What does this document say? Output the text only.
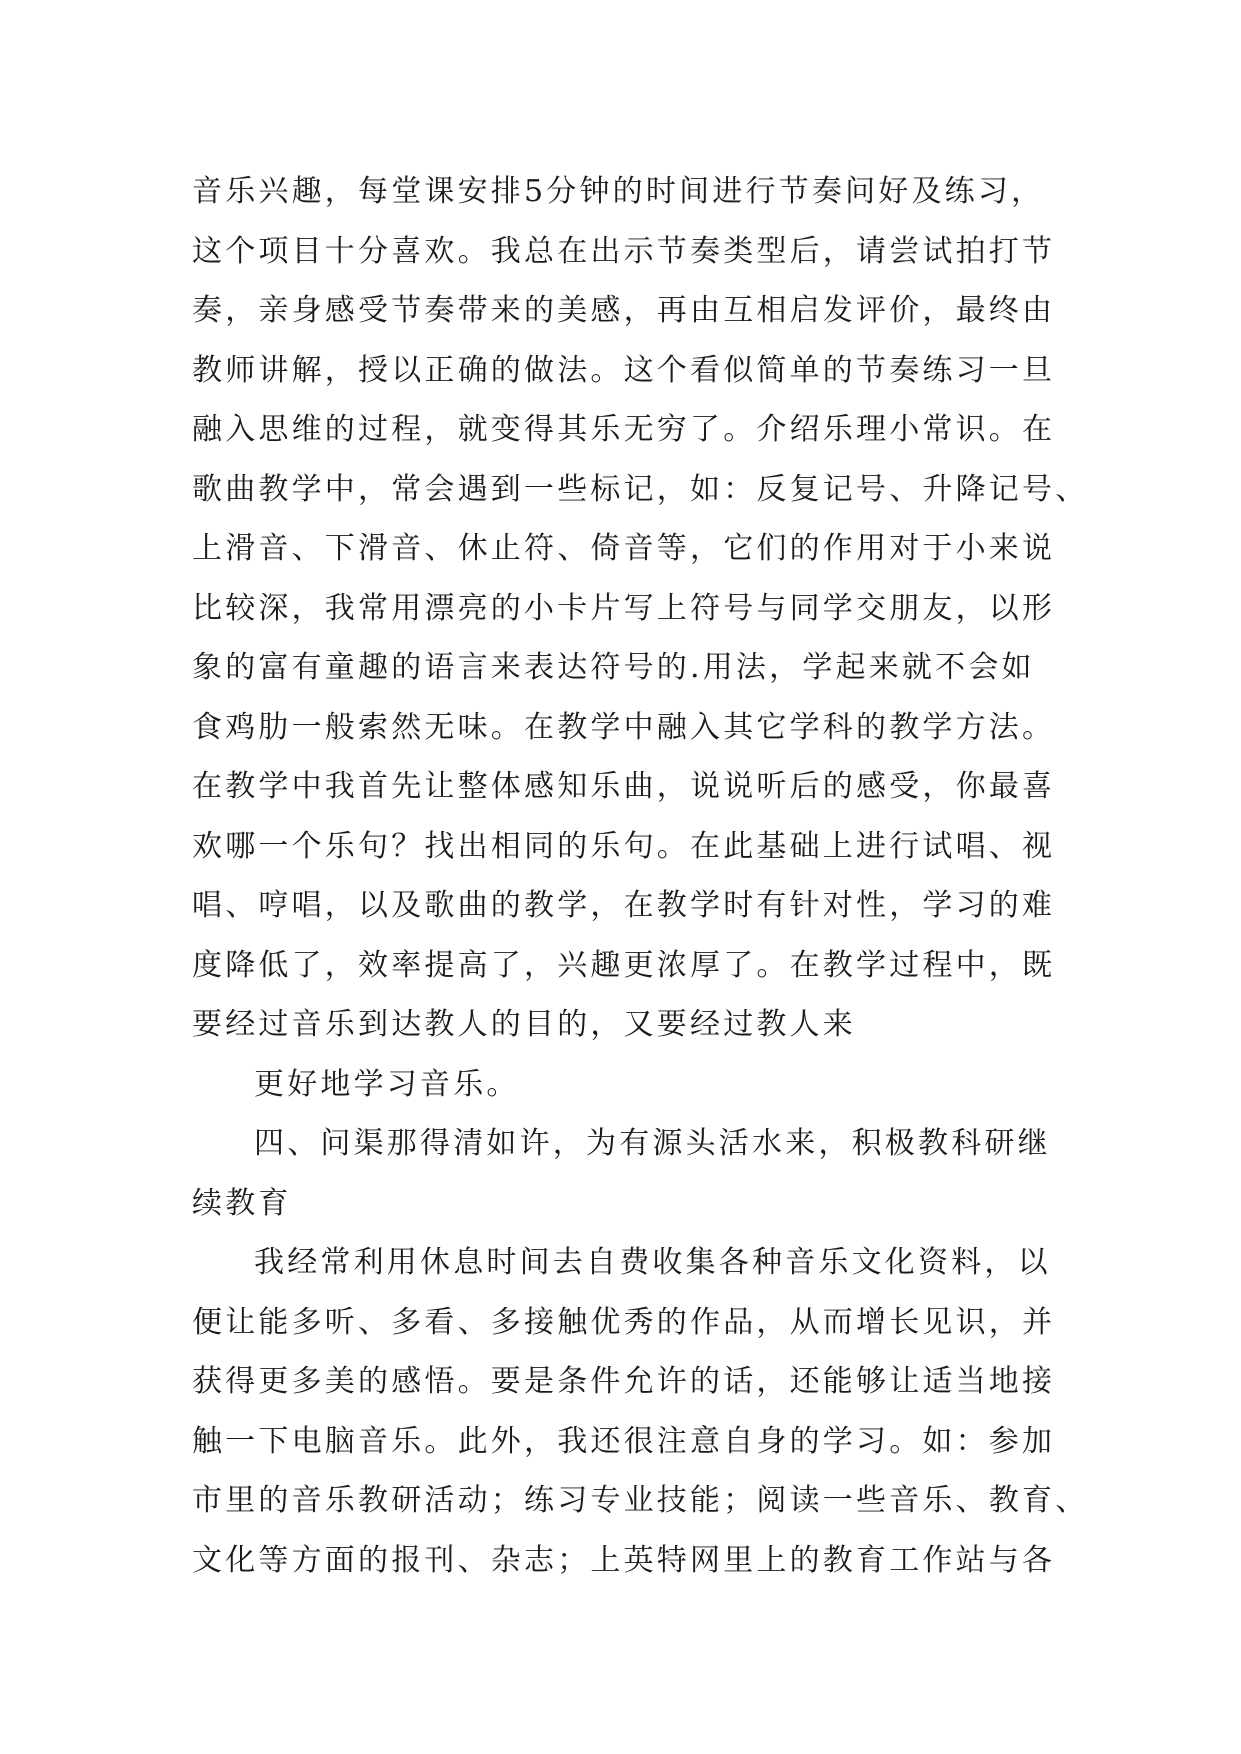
音乐兴趣，每堂课安排5分钟的时间进行节奏问好及练习，
这个项目十分喜欢。我总在出示节奏类型后，请尝试拍打节
奏，亲身感受节奏带来的美感，再由互相启发评价，最终由
教师讲解，授以正确的做法。这个看似简单的节奏练习一旦
融入思维的过程，就变得其乐无穷了。介绍乐理小常识。在
歌曲教学中，常会遇到一些标记，如：反复记号、升降记号、
上滑音、下滑音、休止符、倚音等，它们的作用对于小来说
比较深，我常用漂亮的小卡片写上符号与同学交朋友，以形
象的富有童趣的语言来表达符号的.用法，学起来就不会如
食鸡肋一般索然无味。在教学中融入其它学科的教学方法。
在教学中我首先让整体感知乐曲，说说听后的感受，你最喜
欢哪一个乐句？找出相同的乐句。在此基础上进行试唱、视
唱、哼唱，以及歌曲的教学，在教学时有针对性，学习的难
度降低了，效率提高了，兴趣更浓厚了。在教学过程中，既
要经过音乐到达教人的目的，又要经过教人来
更好地学习音乐。
四、问渠那得清如许，为有源头活水来，积极教科研继
续教育
我经常利用休息时间去自费收集各种音乐文化资料，以
便让能多听、多看、多接触优秀的作品，从而增长见识，并
获得更多美的感悟。要是条件允许的话，还能够让适当地接
触一下电脑音乐。此外，我还很注意自身的学习。如：参加
市里的音乐教研活动；练习专业技能；阅读一些音乐、教育、
文化等方面的报刊、杂志；上英特网里上的教育工作站与各
